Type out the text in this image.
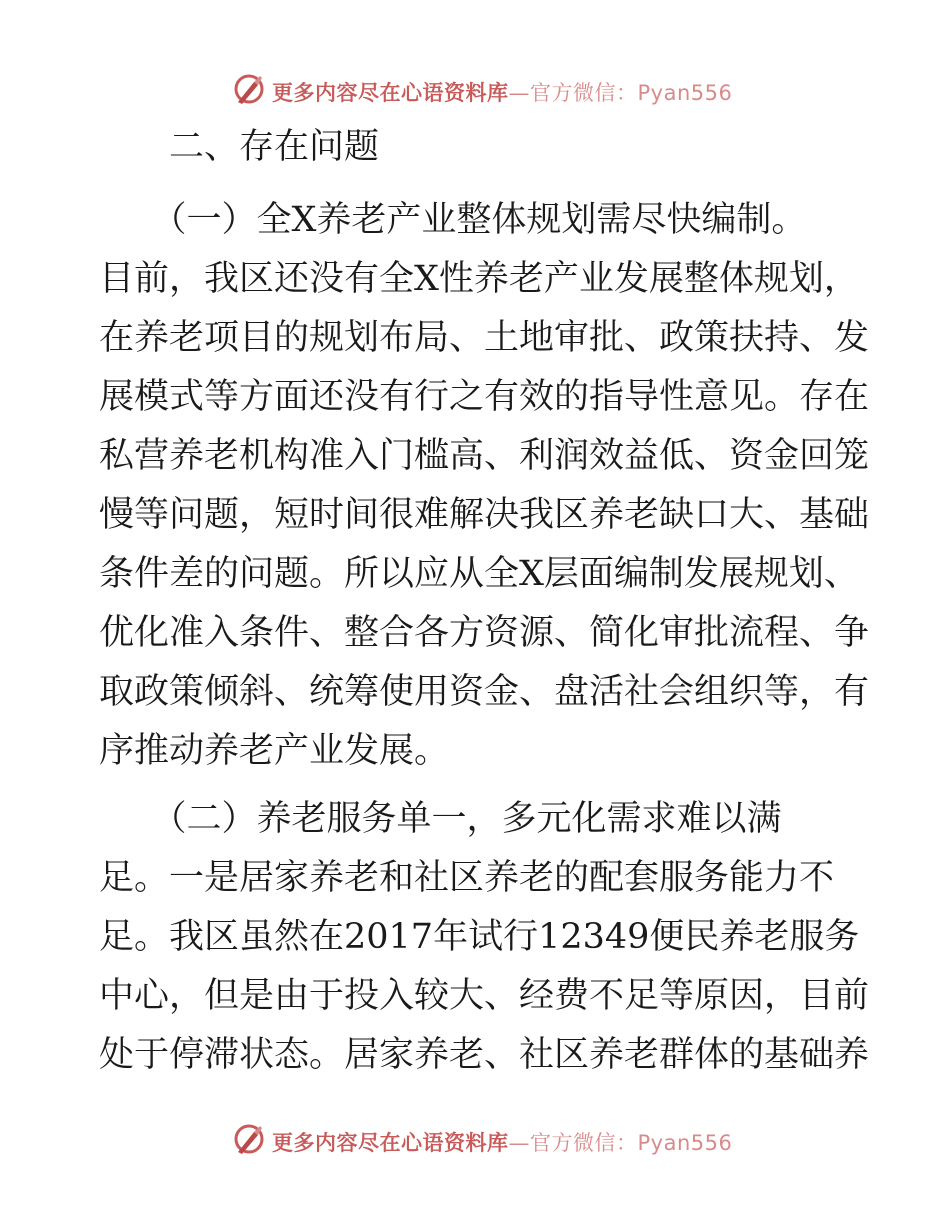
更多内容尽在心语资料库—官方微信：Pyan556
　　二、存在问题
　　（一）全X养老产业整体规划需尽快编制。
目前，我区还没有全X性养老产业发展整体规划，
在养老项目的规划布局、土地审批、政策扶持、发
展模式等方面还没有行之有效的指导性意见。存在
私营养老机构准入门槛高、利润效益低、资金回笼
慢等问题，短时间很难解决我区养老缺口大、基础
条件差的问题。所以应从全X层面编制发展规划、
优化准入条件、整合各方资源、简化审批流程、争
取政策倾斜、统筹使用资金、盘活社会组织等，有
序推动养老产业发展。
　　（二）养老服务单一，多元化需求难以满
足。一是居家养老和社区养老的配套服务能力不
足。我区虽然在2017年试行12349便民养老服务
中心，但是由于投入较大、经费不足等原因，目前
处于停滞状态。居家养老、社区养老群体的基础养
更多内容尽在心语资料库—官方微信：Pyan556
